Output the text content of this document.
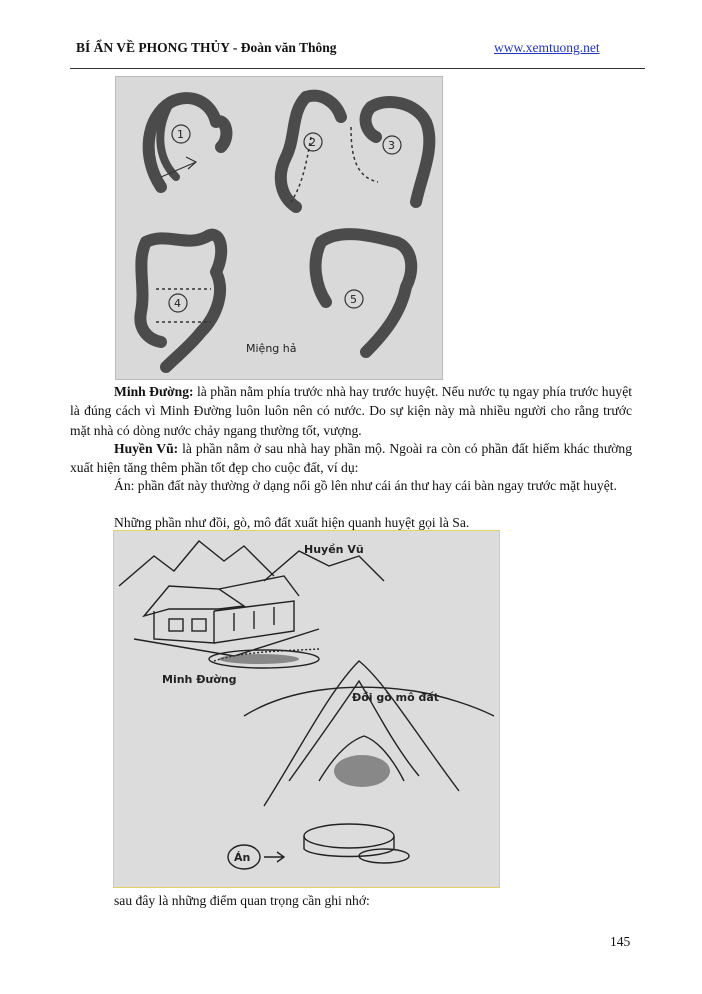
BÍ ẨN VỀ PHONG THỦY - Đoàn văn Thông	www.xemtuong.net
1
2	3
4	5
Miệng hả
Minh Đường: là phần nằm phía trước nhà hay trước huyệt. Nếu nước tụ ngay phía trước huyệt là đúng cách vì Minh Đường luôn luôn nên có nước. Do sự kiện này mà nhiều người cho rằng trước mặt nhà có dòng nước chảy ngang thường tốt, vượng.
Huyền Vũ: là phần nằm ở sau nhà hay phần mộ. Ngoài ra còn có phần đất hiếm khác thường xuất hiện tăng thêm phần tốt đẹp cho cuộc đất, ví dụ:
Án: phần đất này thường ở dạng nổi gồ lên như cái án thư hay cái bàn ngay trước mặt huyệt.
Những phần như đồi, gò, mô đất xuất hiện quanh huyệt gọi là Sa.
Huyền Vũ
Minh Đường
Đồi gò mô đất
Án
sau đây là những điểm quan trọng cần ghi nhớ:
145
